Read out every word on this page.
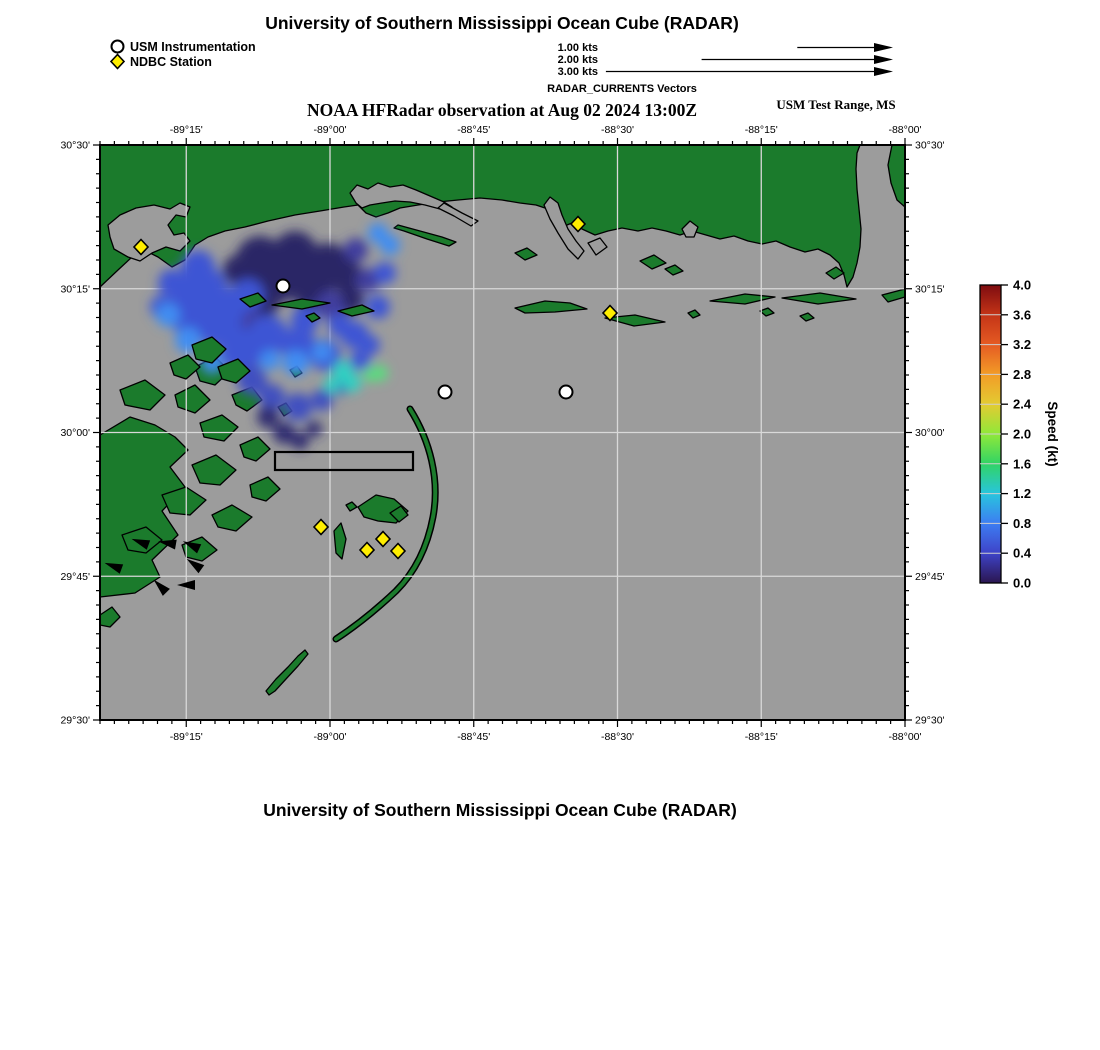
University of Southern Mississippi Ocean Cube (RADAR)
USM Instrumentation
NDBC Station
1.00 kts
2.00 kts
3.00 kts
RADAR_CURRENTS Vectors
NOAA HFRadar observation at Aug 02 2024 13:00Z	USM Test Range, MS
-89°15'
-89°15'
-89°00'
-89°00'
-88°45'
-88°45'
-88°30'
-88°30'
-88°15'
-88°15'
-88°00'
-88°00'
30°30'	30°30'
30°15'	30°15'
30°00'	30°00'
29°45'	29°45'
29°30'	29°30'
4.0
3.6
3.2
2.8
2.4
2.0
1.6
1.2
0.8
0.4
0.0
Speed (kt)
University of Southern Mississippi Ocean Cube (RADAR)
